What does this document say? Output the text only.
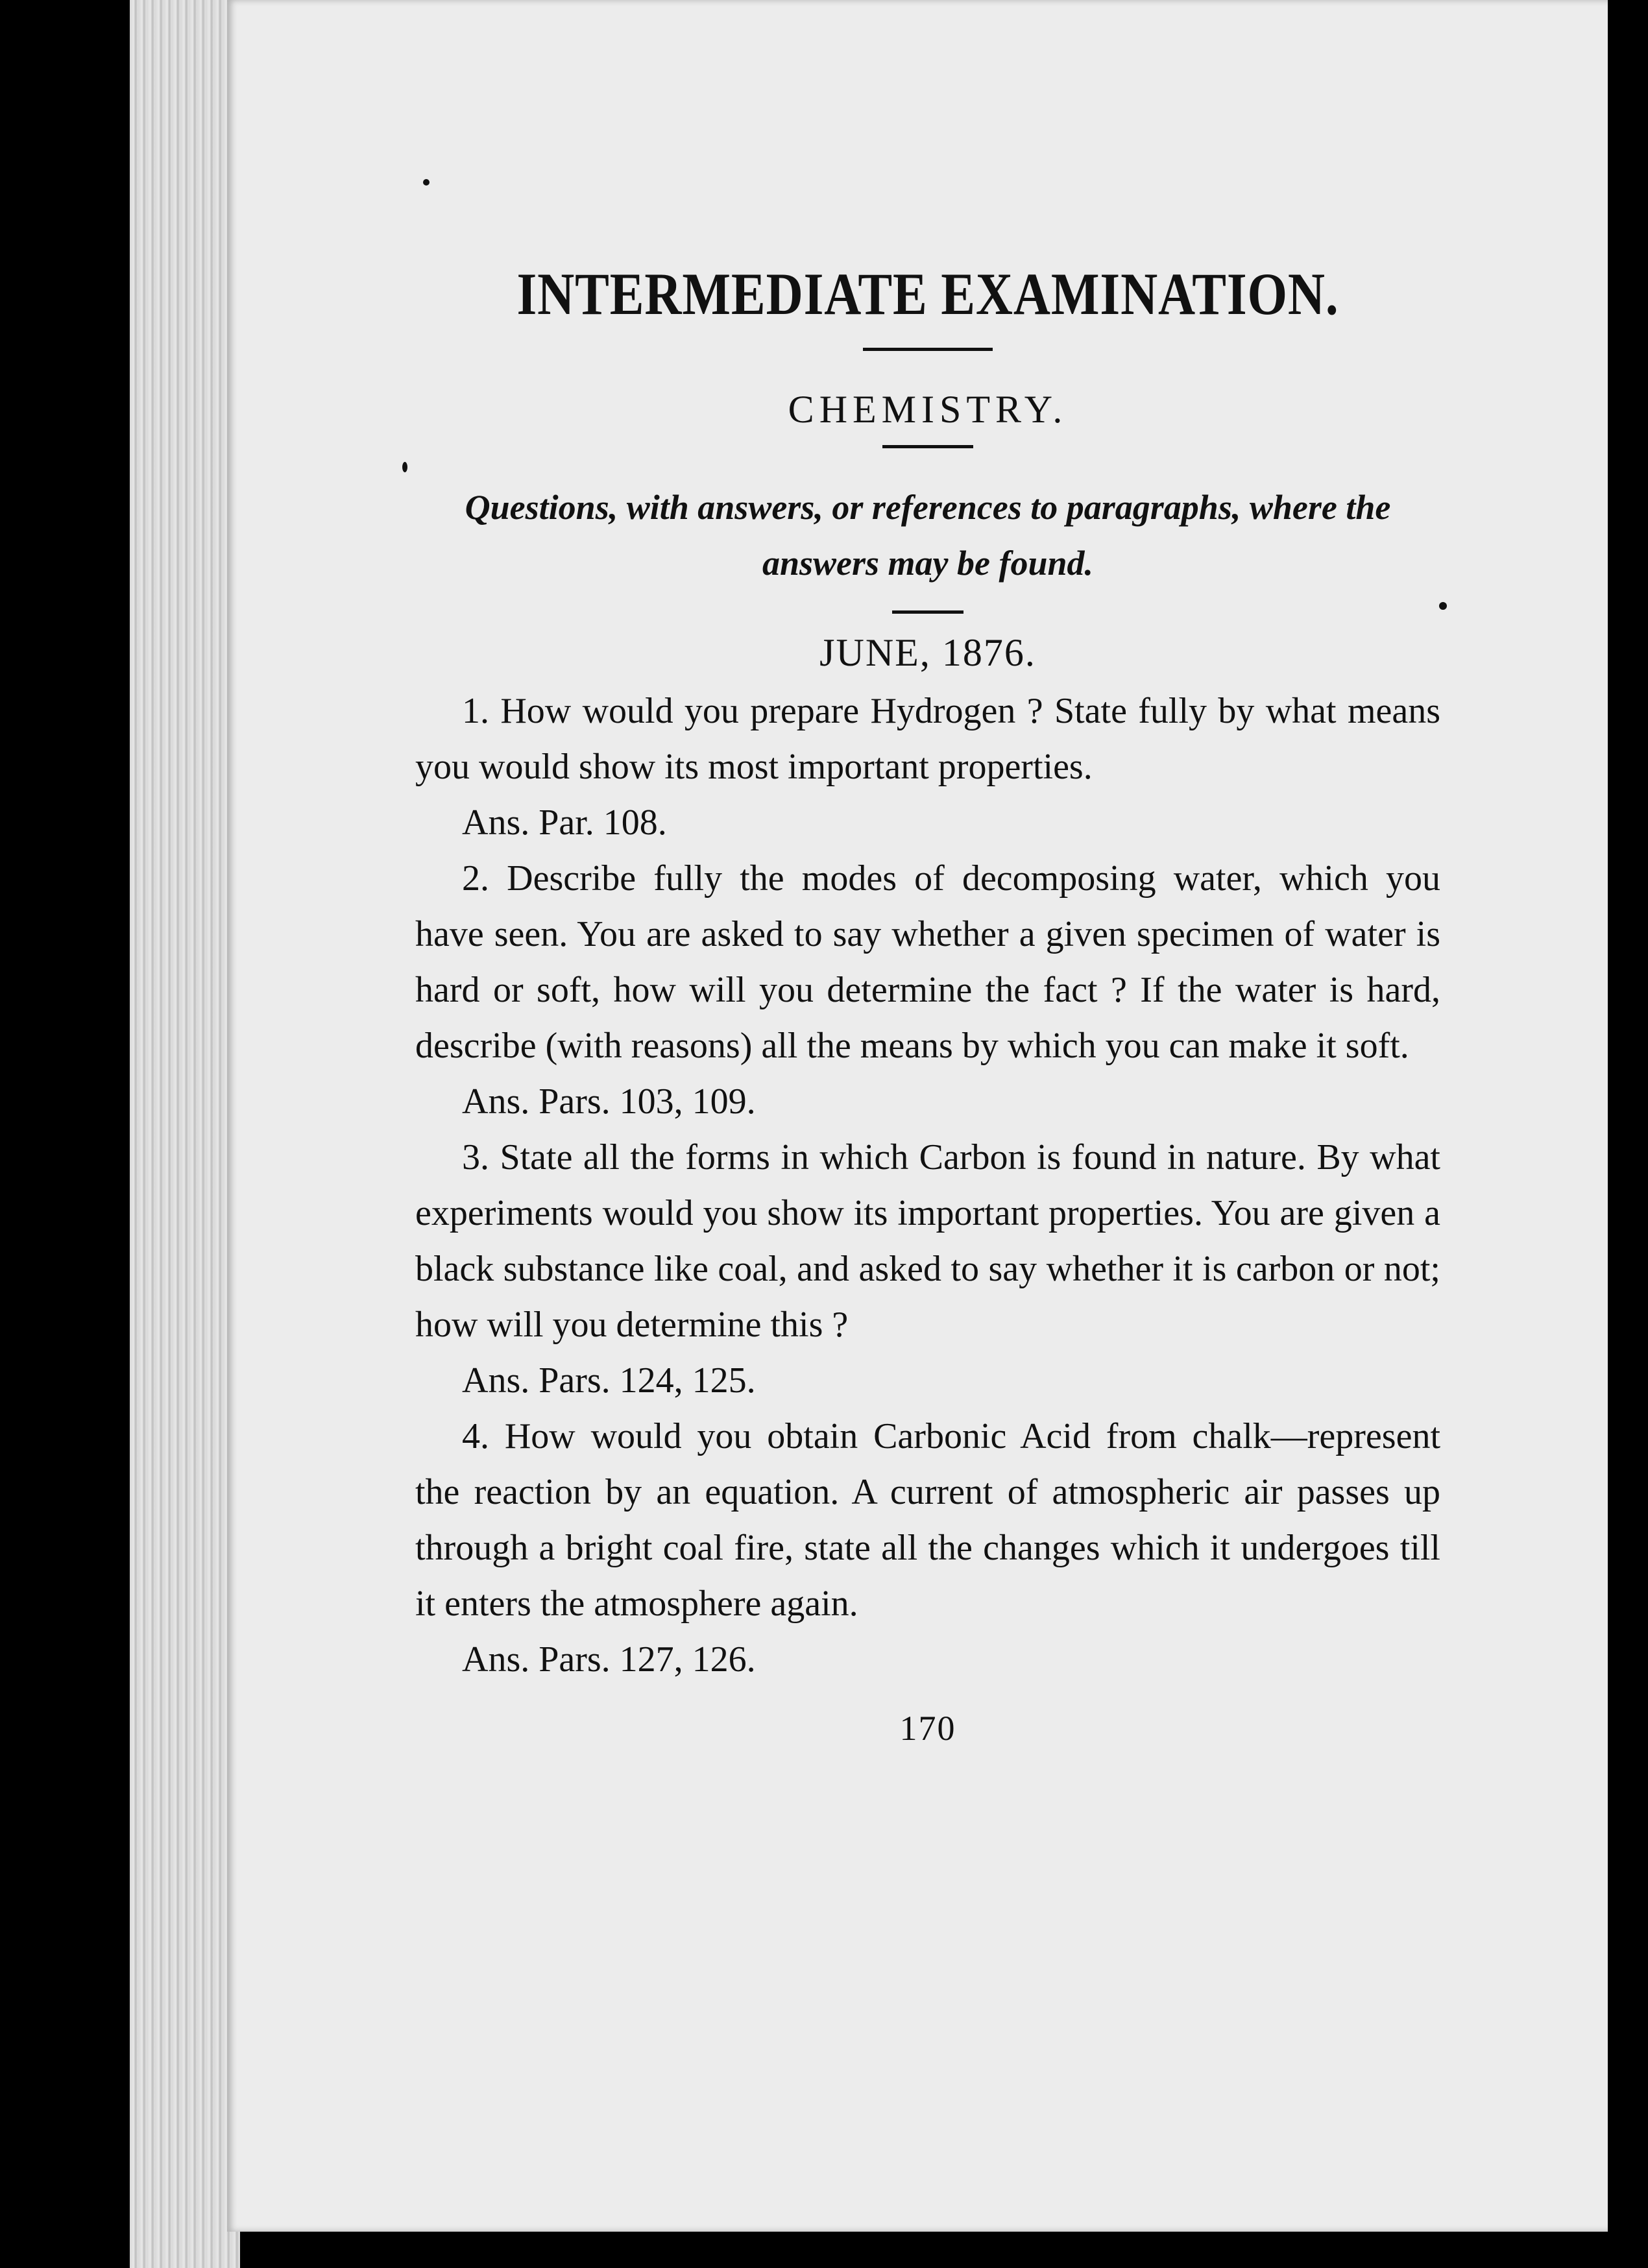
INTERMEDIATE EXAMINATION.
CHEMISTRY.
Questions, with answers, or references to paragraphs, where the answers may be found.
JUNE, 1876.

1. How would you prepare Hydrogen ? State fully by what means you would show its most important properties.

Ans. Par. 108.

2. Describe fully the modes of decomposing water, which you have seen. You are asked to say whether a given specimen of water is hard or soft, how will you determine the fact ? If the water is hard, describe (with reasons) all the means by which you can make it soft.

Ans. Pars. 103, 109.

3. State all the forms in which Carbon is found in nature. By what experiments would you show its important properties. You are given a black substance like coal, and asked to say whether it is carbon or not; how will you determine this ?

Ans. Pars. 124, 125.

4. How would you obtain Carbonic Acid from chalk—represent the reaction by an equation. A current of atmospheric air passes up through a bright coal fire, state all the changes which it undergoes till it enters the atmosphere again.

Ans. Pars. 127, 126.

170
